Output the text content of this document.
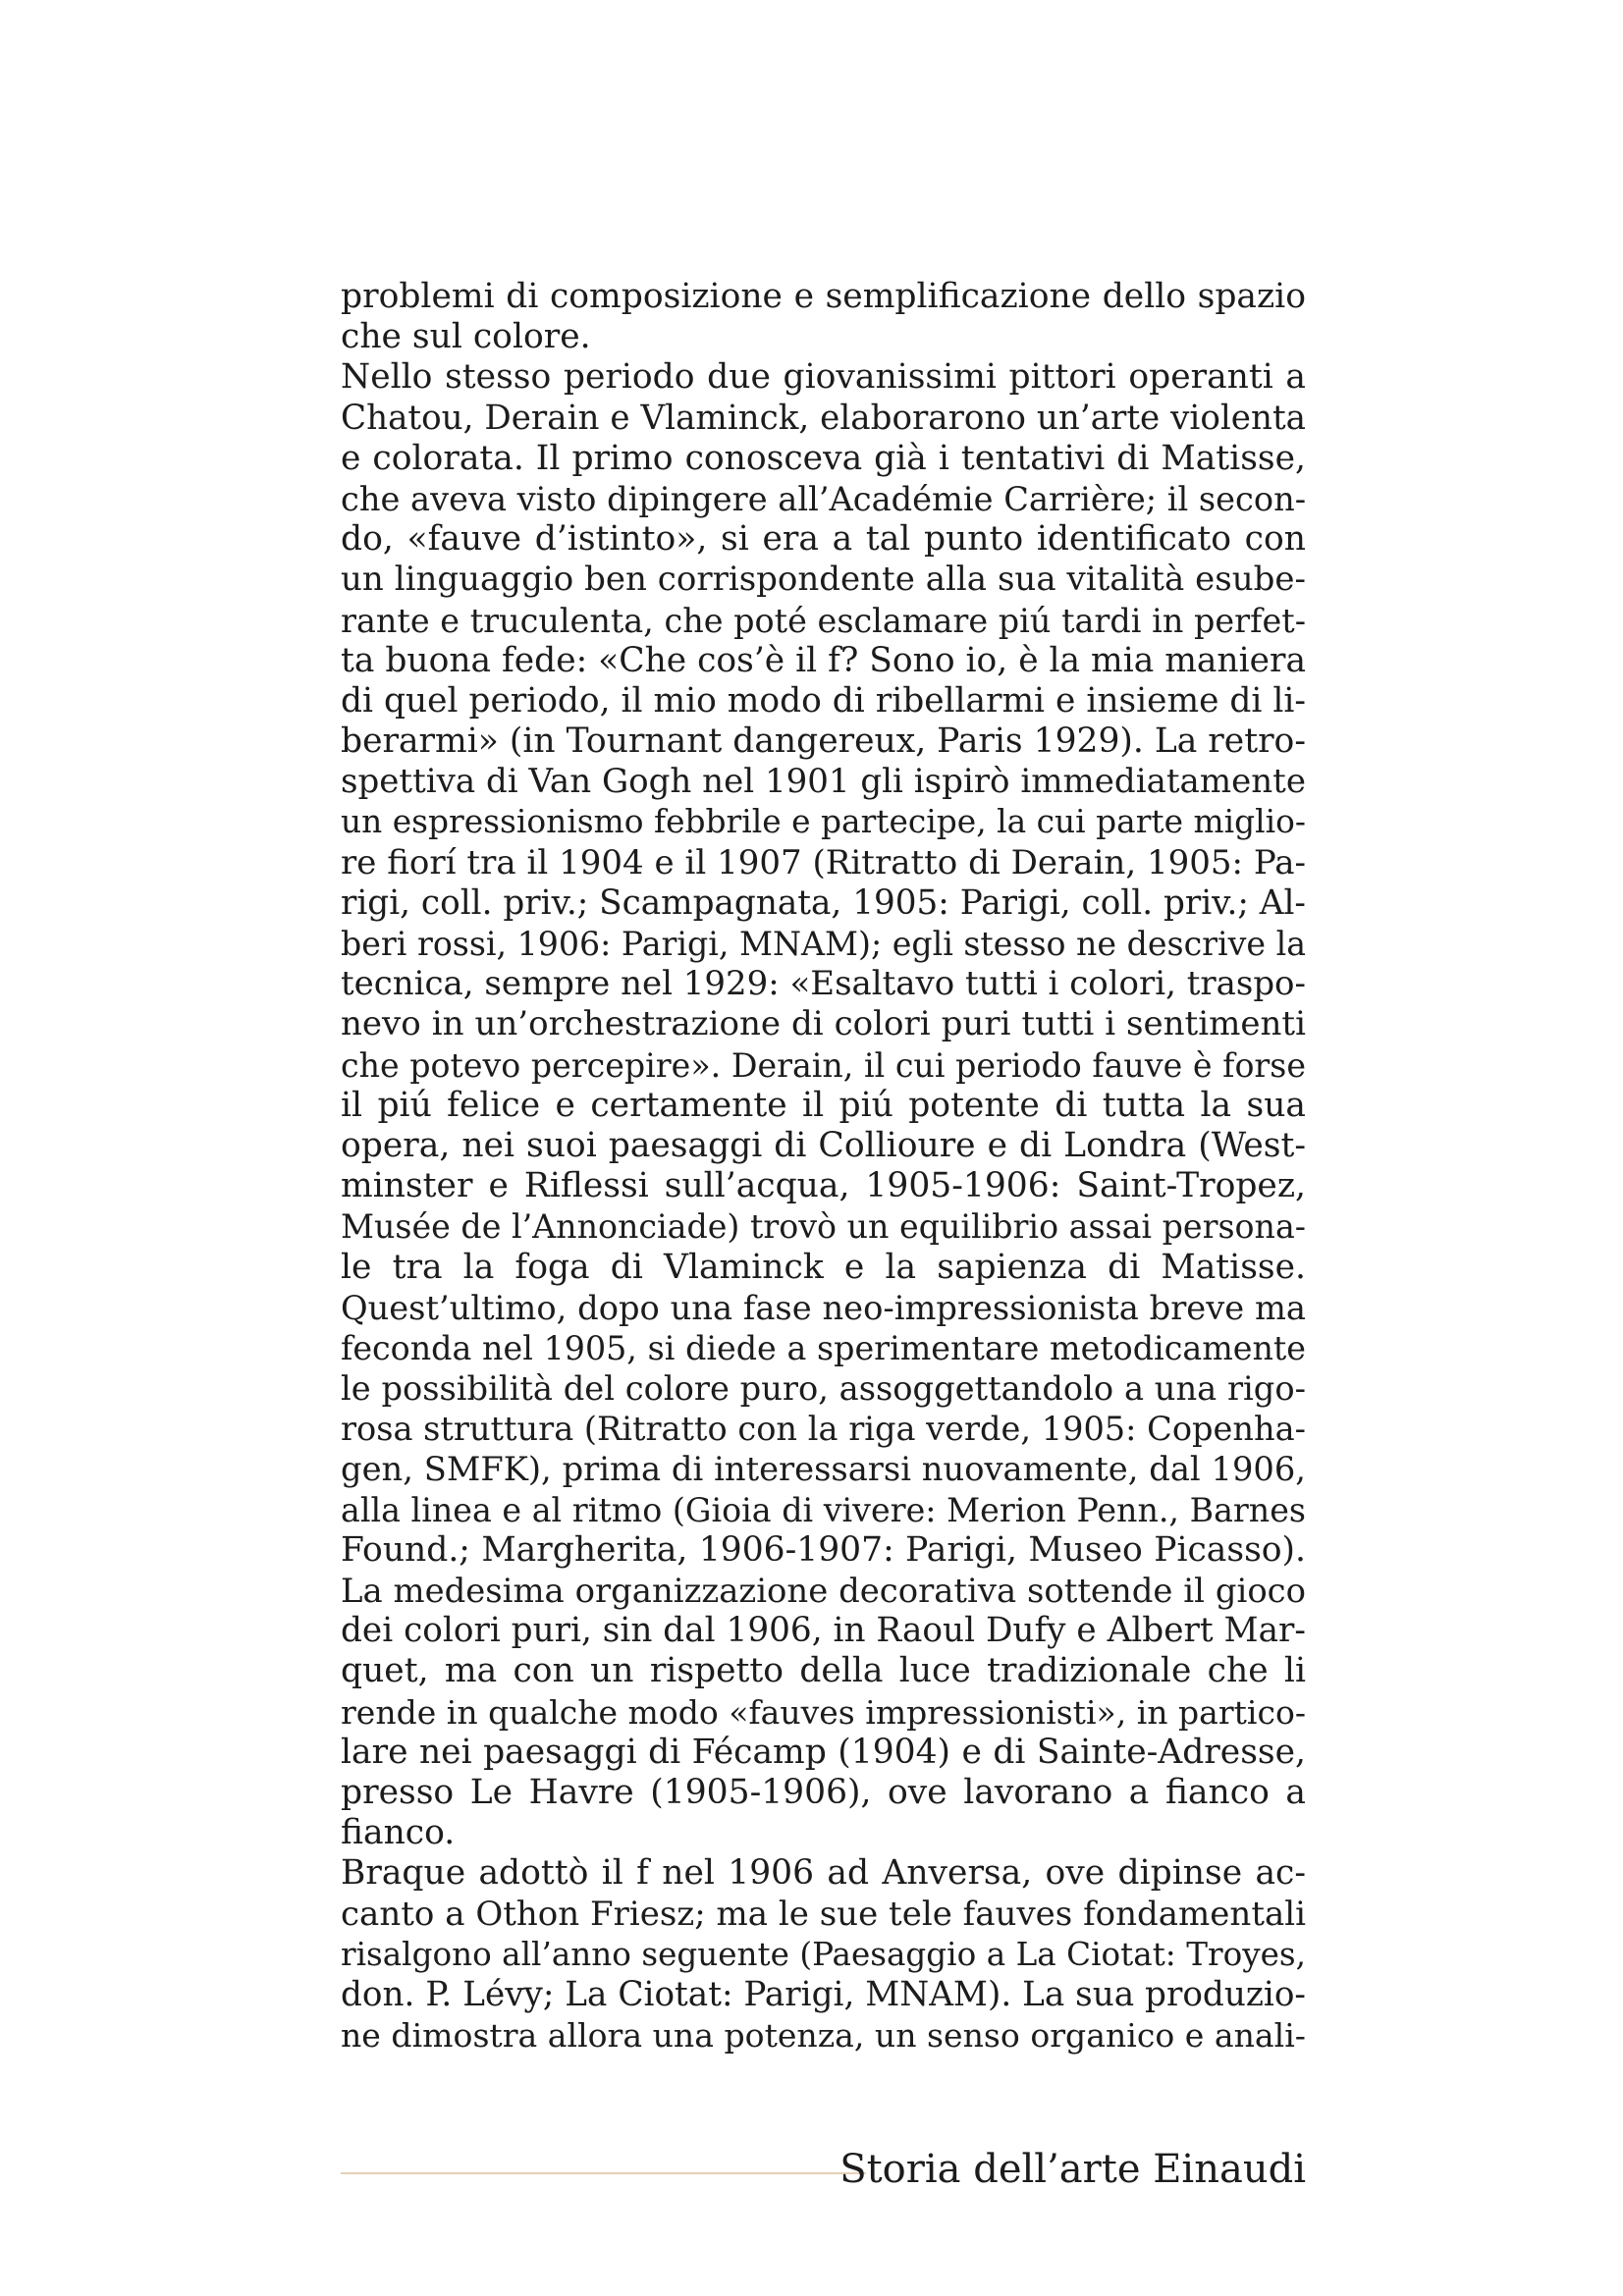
problemi di composizione e semplificazione dello spazio
che sul colore.
Nello stesso periodo due giovanissimi pittori operanti a
Chatou, Derain e Vlaminck, elaborarono un’arte violenta
e colorata. Il primo conosceva già i tentativi di Matisse,
che aveva visto dipingere all’Académie Carrière; il secon-
do, «fauve d’istinto», si era a tal punto identificato con
un linguaggio ben corrispondente alla sua vitalità esube-
rante e truculenta, che poté esclamare piú tardi in perfet-
ta buona fede: «Che cos’è il f? Sono io, è la mia maniera
di quel periodo, il mio modo di ribellarmi e insieme di li-
berarmi» (in Tournant dangereux, Paris 1929). La retro-
spettiva di Van Gogh nel 1901 gli ispirò immediatamente
un espressionismo febbrile e partecipe, la cui parte miglio-
re fiorí tra il 1904 e il 1907 (Ritratto di Derain, 1905: Pa-
rigi, coll. priv.; Scampagnata, 1905: Parigi, coll. priv.; Al-
beri rossi, 1906: Parigi, MNAM); egli stesso ne descrive la
tecnica, sempre nel 1929: «Esaltavo tutti i colori, traspo-
nevo in un’orchestrazione di colori puri tutti i sentimenti
che potevo percepire». Derain, il cui periodo fauve è forse
il piú felice e certamente il piú potente di tutta la sua
opera, nei suoi paesaggi di Collioure e di Londra (West-
minster e Riflessi sull’acqua, 1905-1906: Saint-Tropez,
Musée de l’Annonciade) trovò un equilibrio assai persona-
le tra la foga di Vlaminck e la sapienza di Matisse.
Quest’ultimo, dopo una fase neo-impressionista breve ma
feconda nel 1905, si diede a sperimentare metodicamente
le possibilità del colore puro, assoggettandolo a una rigo-
rosa struttura (Ritratto con la riga verde, 1905: Copenha-
gen, SMFK), prima di interessarsi nuovamente, dal 1906,
alla linea e al ritmo (Gioia di vivere: Merion Penn., Barnes
Found.; Margherita, 1906-1907: Parigi, Museo Picasso).
La medesima organizzazione decorativa sottende il gioco
dei colori puri, sin dal 1906, in Raoul Dufy e Albert Mar-
quet, ma con un rispetto della luce tradizionale che li
rende in qualche modo «fauves impressionisti», in partico-
lare nei paesaggi di Fécamp (1904) e di Sainte-Adresse,
presso Le Havre (1905-1906), ove lavorano a fianco a
fianco.
Braque adottò il f nel 1906 ad Anversa, ove dipinse ac-
canto a Othon Friesz; ma le sue tele fauves fondamentali
risalgono all’anno seguente (Paesaggio a La Ciotat: Troyes,
don. P. Lévy; La Ciotat: Parigi, MNAM). La sua produzio-
ne dimostra allora una potenza, un senso organico e anali-
Storia dell’arte Einaudi
